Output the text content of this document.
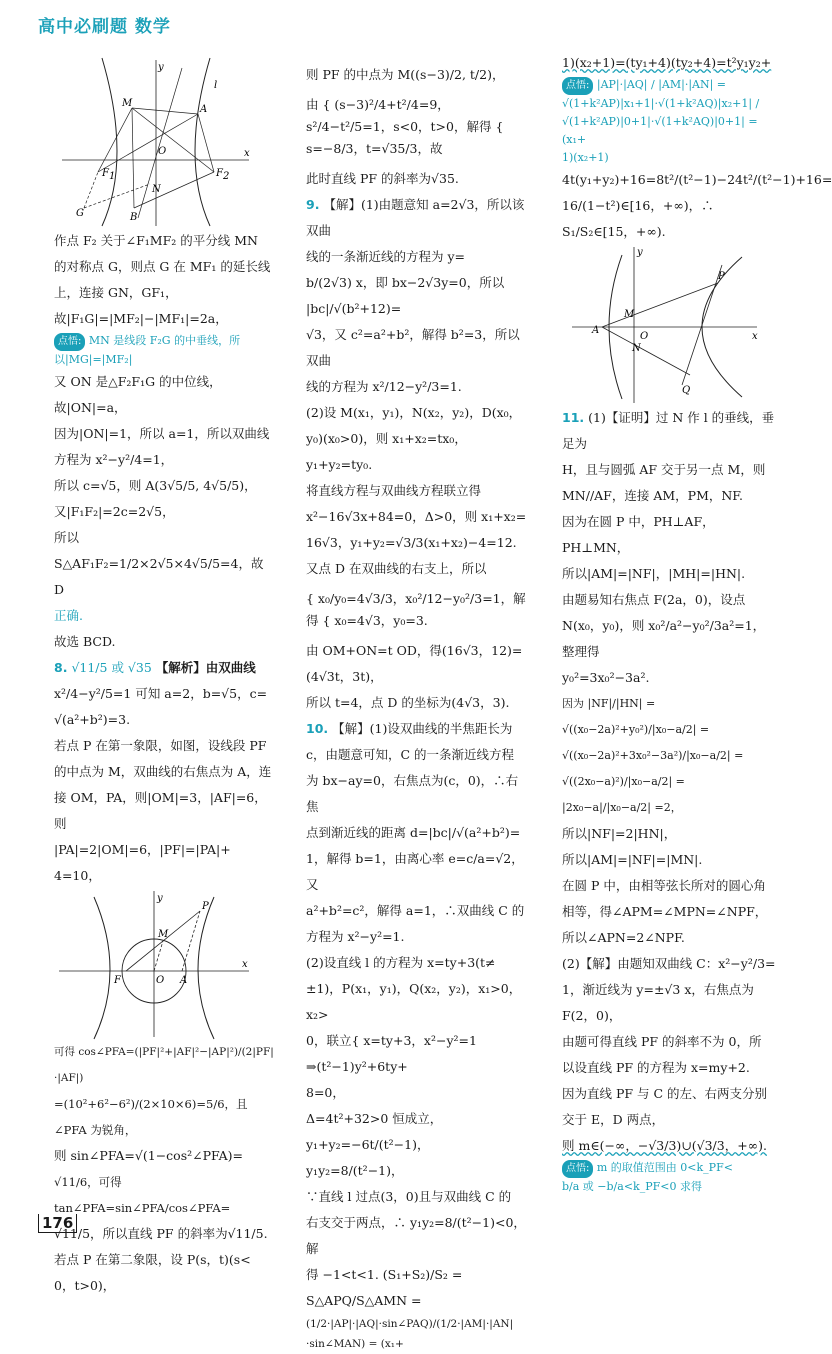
高中必刷题 数学
y
x
M
A
l
O
F 1	F 2
N
G	B

作点 F₂ 关于∠F₁MF₂ 的平分线 MN

的对称点 G，则点 G 在 MF₁ 的延长线

上，连接 GN，GF₁，

故|F₁G|=|MF₂|−|MF₁|=2a，

点悟: MN 是线段 F₂G 的中垂线，所以|MG|=|MF₂|

又 ON 是△F₂F₁G 的中位线，

故|ON|=a，

因为|ON|=1，所以 a=1，所以双曲线

方程为 x²−y²/4=1，

所以 c=√5，则 A(3√5/5, 4√5/5)，

又|F₁F₂|=2c=2√5，

所以 S△AF₁F₂=1/2×2√5×4√5/5=4，故 D

正确.

故选 BCD.

8. √11/5 或 √35 【解析】由双曲线

x²/4−y²/5=1 可知 a=2，b=√5，c=

√(a²+b²)=3.

若点 P 在第一象限，如图，设线段 PF

的中点为 M，双曲线的右焦点为 A，连

接 OM，PA，则|OM|=3，|AF|=6，则

|PA|=2|OM|=6，|PF|=|PA|+

4=10，

y
x
P
M
F	O A

可得 cos∠PFA=(|PF|²+|AF|²−|AP|²)/(2|PF|·|AF|)

=(10²+6²−6²)/(2×10×6)=5/6，且∠PFA 为锐角，

则 sin∠PFA=√(1−cos²∠PFA)=

√11/6，可得 tan∠PFA=sin∠PFA/cos∠PFA=

√11/5，所以直线 PF 的斜率为√11/5.

若点 P 在第二象限，设 P(s，t)(s<

0，t>0)，

则 PF 的中点为 M((s−3)/2, t/2)，

由 { (s−3)²/4+t²/4=9，s²/4−t²/5=1，s<0，t>0，解得 { s=−8/3，t=√35/3，故

此时直线 PF 的斜率为√35.

9. 【解】(1)由题意知 a=2√3，所以该双曲

线的一条渐近线的方程为 y=

b/(2√3) x，即 bx−2√3y=0，所以 |bc|/√(b²+12)=

√3，又 c²=a²+b²，解得 b²=3，所以双曲

线的方程为 x²/12−y²/3=1.

(2)设 M(x₁，y₁)，N(x₂，y₂)，D(x₀，

y₀)(x₀>0)，则 x₁+x₂=tx₀，y₁+y₂=ty₀.

将直线方程与双曲线方程联立得

x²−16√3x+84=0，Δ>0，则 x₁+x₂=

16√3，y₁+y₂=√3/3(x₁+x₂)−4=12.

又点 D 在双曲线的右支上，所以

{ x₀/y₀=4√3/3，x₀²/12−y₀²/3=1，解得 { x₀=4√3，y₀=3.

由 OM+ON=t OD，得(16√3，12)=

(4√3t，3t)，

所以 t=4，点 D 的坐标为(4√3，3).

10. 【解】(1)设双曲线的半焦距长为

c，由题意可知，C 的一条渐近线方程

为 bx−ay=0，右焦点为(c，0)，∴右焦

点到渐近线的距离 d=|bc|/√(a²+b²)=

1，解得 b=1，由离心率 e=c/a=√2，又

a²+b²=c²，解得 a=1，∴双曲线 C 的

方程为 x²−y²=1.

(2)设直线 l 的方程为 x=ty+3(t≠

±1)，P(x₁，y₁)，Q(x₂，y₂)，x₁>0，x₂>

0，联立{ x=ty+3，x²−y²=1 ⇒(t²−1)y²+6ty+

8=0，

Δ=4t²+32>0 恒成立，y₁+y₂=−6t/(t²−1)，

y₁y₂=8/(t²−1)，

∵直线 l 过点(3，0)且与双曲线 C 的

右支交于两点，∴ y₁y₂=8/(t²−1)<0，解

得 −1<t<1. (S₁+S₂)/S₂ = S△APQ/S△AMN =

(1/2·|AP|·|AQ|·sin∠PAQ)/(1/2·|AM|·|AN|·sin∠MAN) = (x₁+

1)(x₂+1)=(ty₁+4)(ty₂+4)=t²y₁y₂+

点悟: |AP|·|AQ| / |AM|·|AN| =

√(1+k²AP)|x₁+1|·√(1+k²AQ)|x₂+1| / √(1+k²AP)|0+1|·√(1+k²AQ)|0+1| =(x₁+

1)(x₂+1)

4t(y₁+y₂)+16=8t²/(t²−1)−24t²/(t²−1)+16=

16/(1−t²)∈[16，+∞)，∴ S₁/S₂∈[15，+∞).

y
x
P
M
A
O
N
Q

11. (1)【证明】过 N 作 l 的垂线，垂足为

H，且与圆弧 AF 交于另一点 M，则

MN//AF，连接 AM，PM，NF.

因为在圆 P 中，PH⊥AF，PH⊥MN，

所以|AM|=|NF|，|MH|=|HN|.

由题易知右焦点 F(2a，0)，设点

N(x₀，y₀)，则 x₀²/a²−y₀²/3a²=1，整理得

y₀²=3x₀²−3a².

因为 |NF|/|HN| = √((x₀−2a)²+y₀²)/|x₀−a/2| =

√((x₀−2a)²+3x₀²−3a²)/|x₀−a/2| =

√((2x₀−a)²)/|x₀−a/2| = |2x₀−a|/|x₀−a/2| =2，

所以|NF|=2|HN|，

所以|AM|=|NF|=|MN|.

在圆 P 中，由相等弦长所对的圆心角

相等，得∠APM=∠MPN=∠NPF，

所以∠APN=2∠NPF.

(2)【解】由题知双曲线 C：x²−y²/3=

1，渐近线为 y=±√3 x，右焦点为

F(2，0)，

由题可得直线 PF 的斜率不为 0，所

以设直线 PF 的方程为 x=my+2.

因为直线 PF 与 C 的左、右两支分别

交于 E，D 两点，

则 m∈(−∞，−√3/3)∪(√3/3，+∞).

点悟: m 的取值范围由 0<k_PF<

b/a 或 −b/a<k_PF<0 求得

176
